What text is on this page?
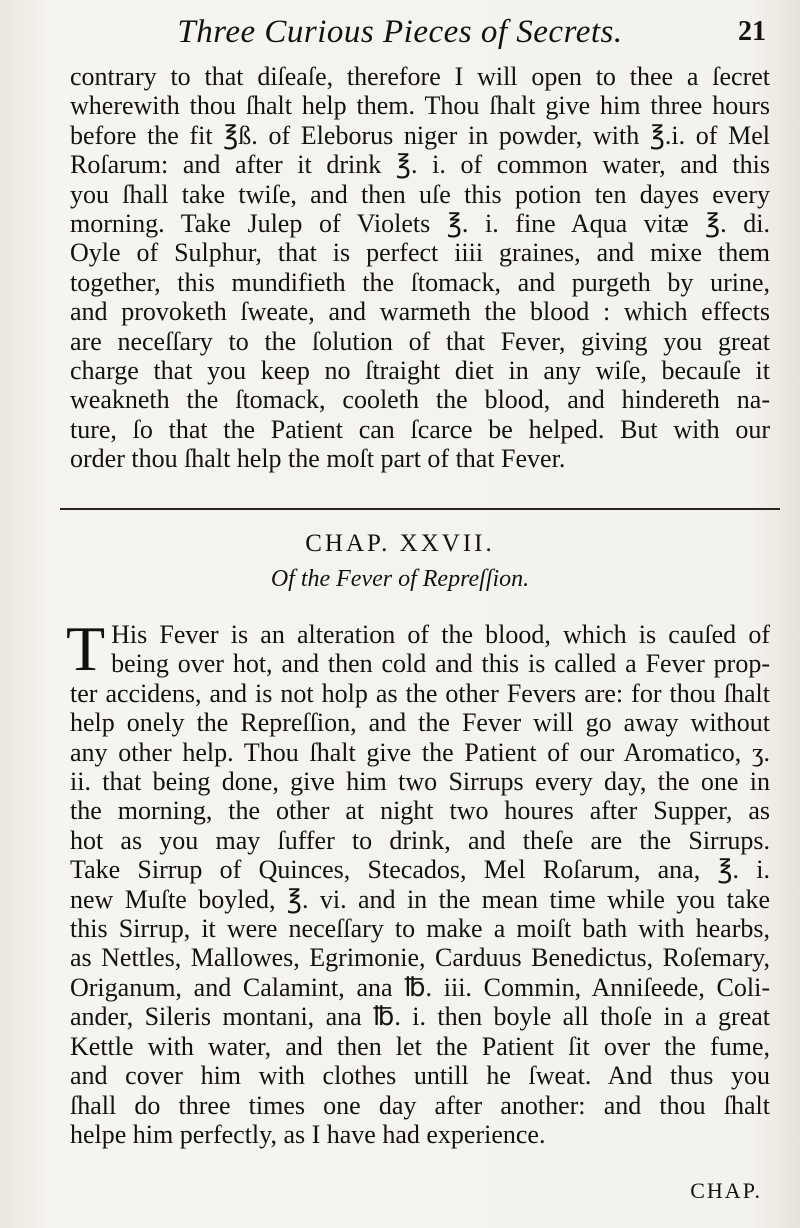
Three Curious Pieces of Secrets.	21
contrary to that diſeaſe, therefore I will open to thee a ſecret
wherewith thou ſhalt help them. Thou ſhalt give him three hours
before the fit ℥ß. of Eleborus niger in powder, with ℥.i. of Mel
Roſarum: and after it drink ℥. i. of common water, and this
you ſhall take twiſe, and then uſe this potion ten dayes every
morning. Take Julep of Violets ℥. i. fine Aqua vitæ ℥. di.
Oyle of Sulphur, that is perfect iiii graines, and mixe them
together, this mundifieth the ſtomack, and purgeth by urine,
and provoketh ſweate, and warmeth the blood : which effects
are neceſſary to the ſolution of that Fever, giving you great
charge that you keep no ſtraight diet in any wiſe, becauſe it
weakneth the ſtomack, cooleth the blood, and hindereth na-
ture, ſo that the Patient can ſcarce be helped. But with our
order thou ſhalt help the moſt part of that Fever.
CHAP. XXVII.
Of the Fever of Repreſſion.
T His Fever is an alteration of the blood, which is cauſed of
being over hot, and then cold and this is called a Fever prop-
ter accidens, and is not holp as the other Fevers are: for thou ſhalt
help onely the Repreſſion, and the Fever will go away without
any other help. Thou ſhalt give the Patient of our Aromatico, ʒ.
ii. that being done, give him two Sirrups every day, the one in
the morning, the other at night two houres after Supper, as
hot as you may ſuffer to drink, and theſe are the Sirrups.
Take Sirrup of Quinces, Stecados, Mel Roſarum, ana, ℥. i.
new Muſte boyled, ℥. vi. and in the mean time while you take
this Sirrup, it were neceſſary to make a moiſt bath with hearbs,
as Nettles, Mallowes, Egrimonie, Carduus Benedictus, Roſemary,
Origanum, and Calamint, ana ℔. iii. Commin, Anniſeede, Coli-
ander, Sileris montani, ana ℔. i. then boyle all thoſe in a great
Kettle with water, and then let the Patient ſit over the fume,
and cover him with clothes untill he ſweat. And thus you
ſhall do three times one day after another: and thou ſhalt
helpe him perfectly, as I have had experience.
CHAP.
